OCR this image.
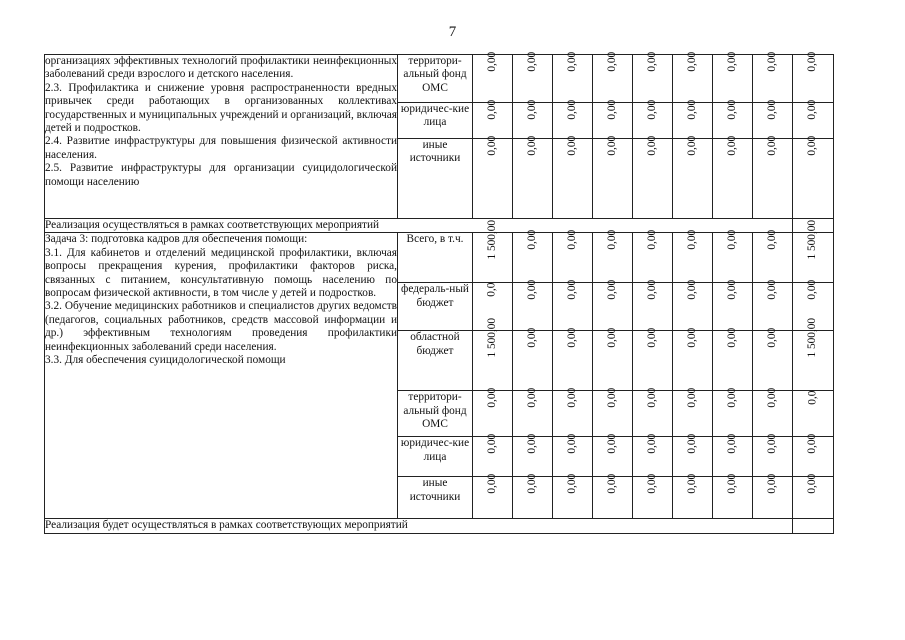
7

организациях эффективных технологий профилактики неинфекционных заболеваний среди взрослого и детского населения.

2.3. Профилактика и снижение уровня распространенности вредных привычек среди работающих в организованных коллективах государственных и муниципальных учреждений и организаций, включая детей и подростков.

2.4. Развитие инфраструктуры для повышения физической активности населения.

2.5. Развитие инфраструктуры для организации суицидологической помощи населению	территори-альный фонд ОМС	0,00	0,00	0,00	0,00	0,00	0,00	0,00	0,00	0,00
	юридичес-кие лица	0,00	0,00	0,00	0,00	0,00	0,00	0,00	0,00	0,00
	иные источники	0,00	0,00	0,00	0,00	0,00	0,00	0,00	0,00	0,00
Реализация осуществляться в рамках соответствующих мероприятий										

Задача 3: подготовка кадров для обеспечения помощи:

3.1. Для кабинетов и отделений медицинской профилактики, включая вопросы прекращения курения, профилактики факторов риска, связанных с питанием, консультативную помощь населению по вопросам физической активности, в том числе у детей и подростков.

3.2. Обучение медицинских работников и специалистов других ведомств (педагогов, социальных работников, средств массовой информации и др.) эффективным технологиям проведения профилактики неинфекционных заболеваний среди населения.

3.3. Для обеспечения суицидологической помощи	Всего, в т.ч.	1 500,00	0,00	0,00	0,00	0,00	0,00	0,00	0,00	1 500,00
	федераль-ный бюджет	0,0	0,00	0,00	0,00	0,00	0,00	0,00	0,00	0,00
	областной бюджет	1 500,00	0,00	0,00	0,00	0,00	0,00	0,00	0,00	1 500,00
	территори-альный фонд ОМС	0,00	0,00	0,00	0,00	0,00	0,00	0,00	0,00	0,0
	юридичес-кие лица	0,00	0,00	0,00	0,00	0,00	0,00	0,00	0,00	0,00
	иные источники	0,00	0,00	0,00	0,00	0,00	0,00	0,00	0,00	0,00
Реализация будет осуществляться в рамках соответствующих мероприятий										
